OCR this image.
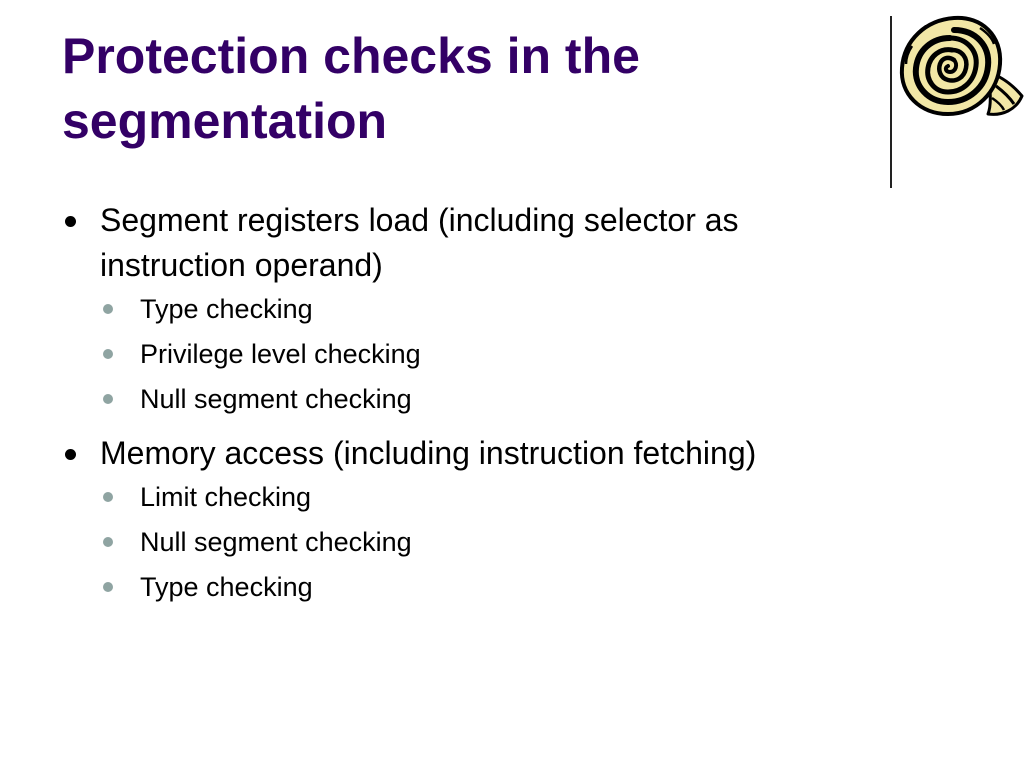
Protection checks in the
segmentation
Segment registers load (including selector as instruction operand)
Type checking
Privilege level checking
Null segment checking
Memory access (including instruction fetching)
Limit checking
Null segment checking
Type checking
